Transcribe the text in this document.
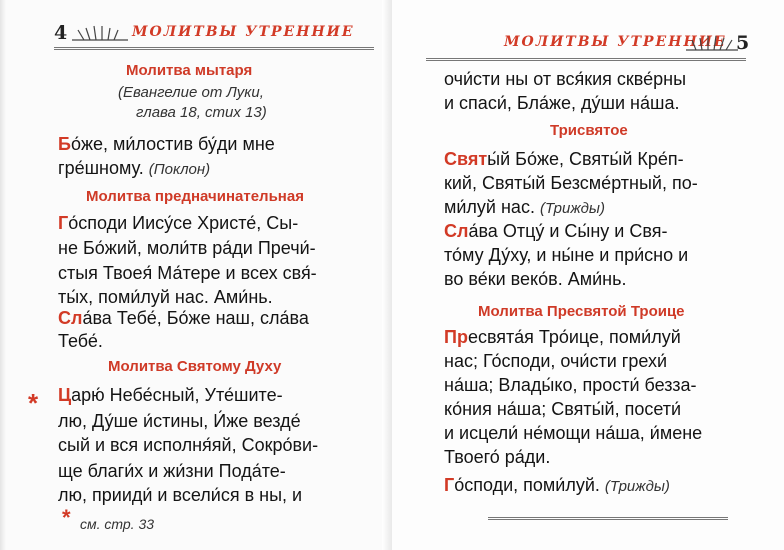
4	МОЛИТВЫ УТРЕННИЕ
Молитва мытаря
(Евангелие от Луки,
глава 18, стих 13)
Бо́же, ми́лостив бу́ди мне
гре́шному. (Поклон)
Молитва предначинательная
Го́споди Иису́се Христе́, Сы-
не Бо́жий, моли́тв ра́ди Пречи́-
стыя Твоея́ Ма́тере и всех свя́-
ты́х, поми́луй нас. Ами́нь.
Сла́ва Тебе́, Бо́же наш, сла́ва
Тебе́.
Молитва Святому Духу
* Царю́ Небе́сный, Уте́шите-
лю, Ду́ше и́стины, И́же везде́
сый и вся исполня́яй, Сокро́ви-
ще благи́х и жи́зни Пода́те-
лю, прииди́ и всели́ся в ны, и
* см. стр. 33
МОЛИТВЫ УТРЕННИЕ 5
очи́сти ны от вся́кия скве́рны
и спаси́, Бла́же, ду́ши на́ша.
Трисвятое
Святы́й Бо́же, Святы́й Кре́п-
кий, Святы́й Безсме́ртный, по-
ми́луй нас. (Трижды)
Сла́ва Отцу́ и Сы́ну и Свя-
то́му Ду́ху, и ны́не и при́сно и
во ве́ки веко́в. Ами́нь.
Молитва Пресвятой Троице
Пресвята́я Тро́ице, поми́луй
нас; Го́споди, очи́сти грехи́
на́ша; Влады́ко, прости́ безза-
ко́ния на́ша; Святы́й, посети́
и исцели́ не́мощи на́ша, и́мене
Твоего́ ра́ди.
Го́споди, поми́луй. (Трижды)
